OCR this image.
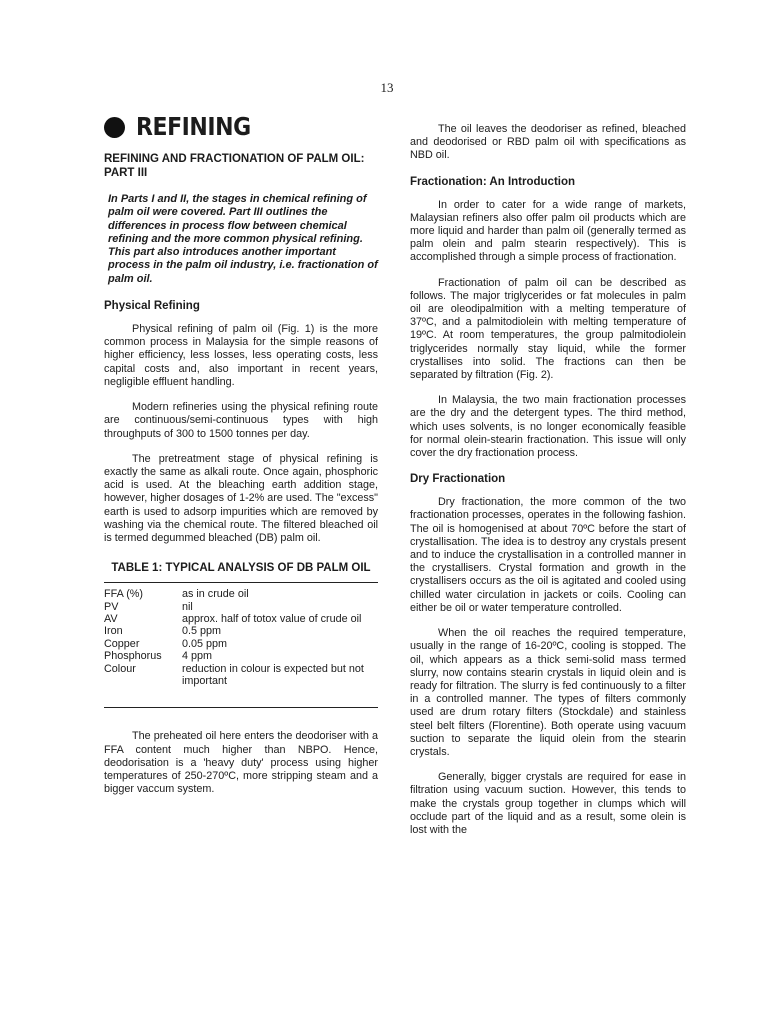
13
REFINING
REFINING AND FRACTIONATION OF PALM OIL: PART III
In Parts I and II, the stages in chemical refining of palm oil were covered. Part III outlines the differences in process flow between chemical refining and the more common physical refining. This part also introduces another important process in the palm oil industry, i.e. fractionation of palm oil.
Physical Refining

Physical refining of palm oil (Fig. 1) is the more common process in Malaysia for the simple reasons of higher efficiency, less losses, less operating costs, less capital costs and, also important in recent years, negligible effluent handling.

Modern refineries using the physical refining route are continuous/semi-continuous types with high throughputs of 300 to 1500 tonnes per day.

The pretreatment stage of physical refining is exactly the same as alkali route. Once again, phosphoric acid is used. At the bleaching earth addition stage, however, higher dosages of 1-2% are used. The "excess" earth is used to adsorp impurities which are removed by washing via the chemical route. The filtered bleached oil is termed degummed bleached (DB) palm oil.

TABLE 1: TYPICAL ANALYSIS OF DB PALM OIL
FFA (%)	as in crude oil
PV	nil
AV	approx. half of totox value of crude oil
Iron	0.5 ppm
Copper	0.05 ppm
Phosphorus	4 ppm
Colour	reduction in colour is expected but not important

The preheated oil here enters the deodoriser with a FFA content much higher than NBPO. Hence, deodorisation is a 'heavy duty' process using higher temperatures of 250-270ºC, more stripping steam and a bigger vaccum system.

The oil leaves the deodoriser as refined, bleached and deodorised or RBD palm oil with specifications as NBD oil.

Fractionation: An Introduction

In order to cater for a wide range of markets, Malaysian refiners also offer palm oil products which are more liquid and harder than palm oil (generally termed as palm olein and palm stearin respectively). This is accomplished through a simple process of fractionation.

Fractionation of palm oil can be described as follows. The major triglycerides or fat molecules in palm oil are oleodipalmition with a melting temperature of 37ºC, and a palmitodiolein with melting temperature of 19ºC. At room temperatures, the group palmitodiolein triglycerides normally stay liquid, while the former crystallises into solid. The fractions can then be separated by filtration (Fig. 2).

In Malaysia, the two main fractionation processes are the dry and the detergent types. The third method, which uses solvents, is no longer economically feasible for normal olein-stearin fractionation. This issue will only cover the dry fractionation process.

Dry Fractionation

Dry fractionation, the more common of the two fractionation processes, operates in the following fashion. The oil is homogenised at about 70ºC before the start of crystallisation. The idea is to destroy any crystals present and to induce the crystallisation in a controlled manner in the crystallisers. Crystal formation and growth in the crystallisers occurs as the oil is agitated and cooled using chilled water circulation in jackets or coils. Cooling can either be oil or water temperature controlled.

When the oil reaches the required temperature, usually in the range of 16-20ºC, cooling is stopped. The oil, which appears as a thick semi-solid mass termed slurry, now contains stearin crystals in liquid olein and is ready for filtration. The slurry is fed continuously to a filter in a controlled manner. The types of filters commonly used are drum rotary filters (Stockdale) and stainless steel belt filters (Florentine). Both operate using vacuum suction to separate the liquid olein from the stearin crystals.

Generally, bigger crystals are required for ease in filtration using vacuum suction. However, this tends to make the crystals group together in clumps which will occlude part of the liquid and as a result, some olein is lost with the
